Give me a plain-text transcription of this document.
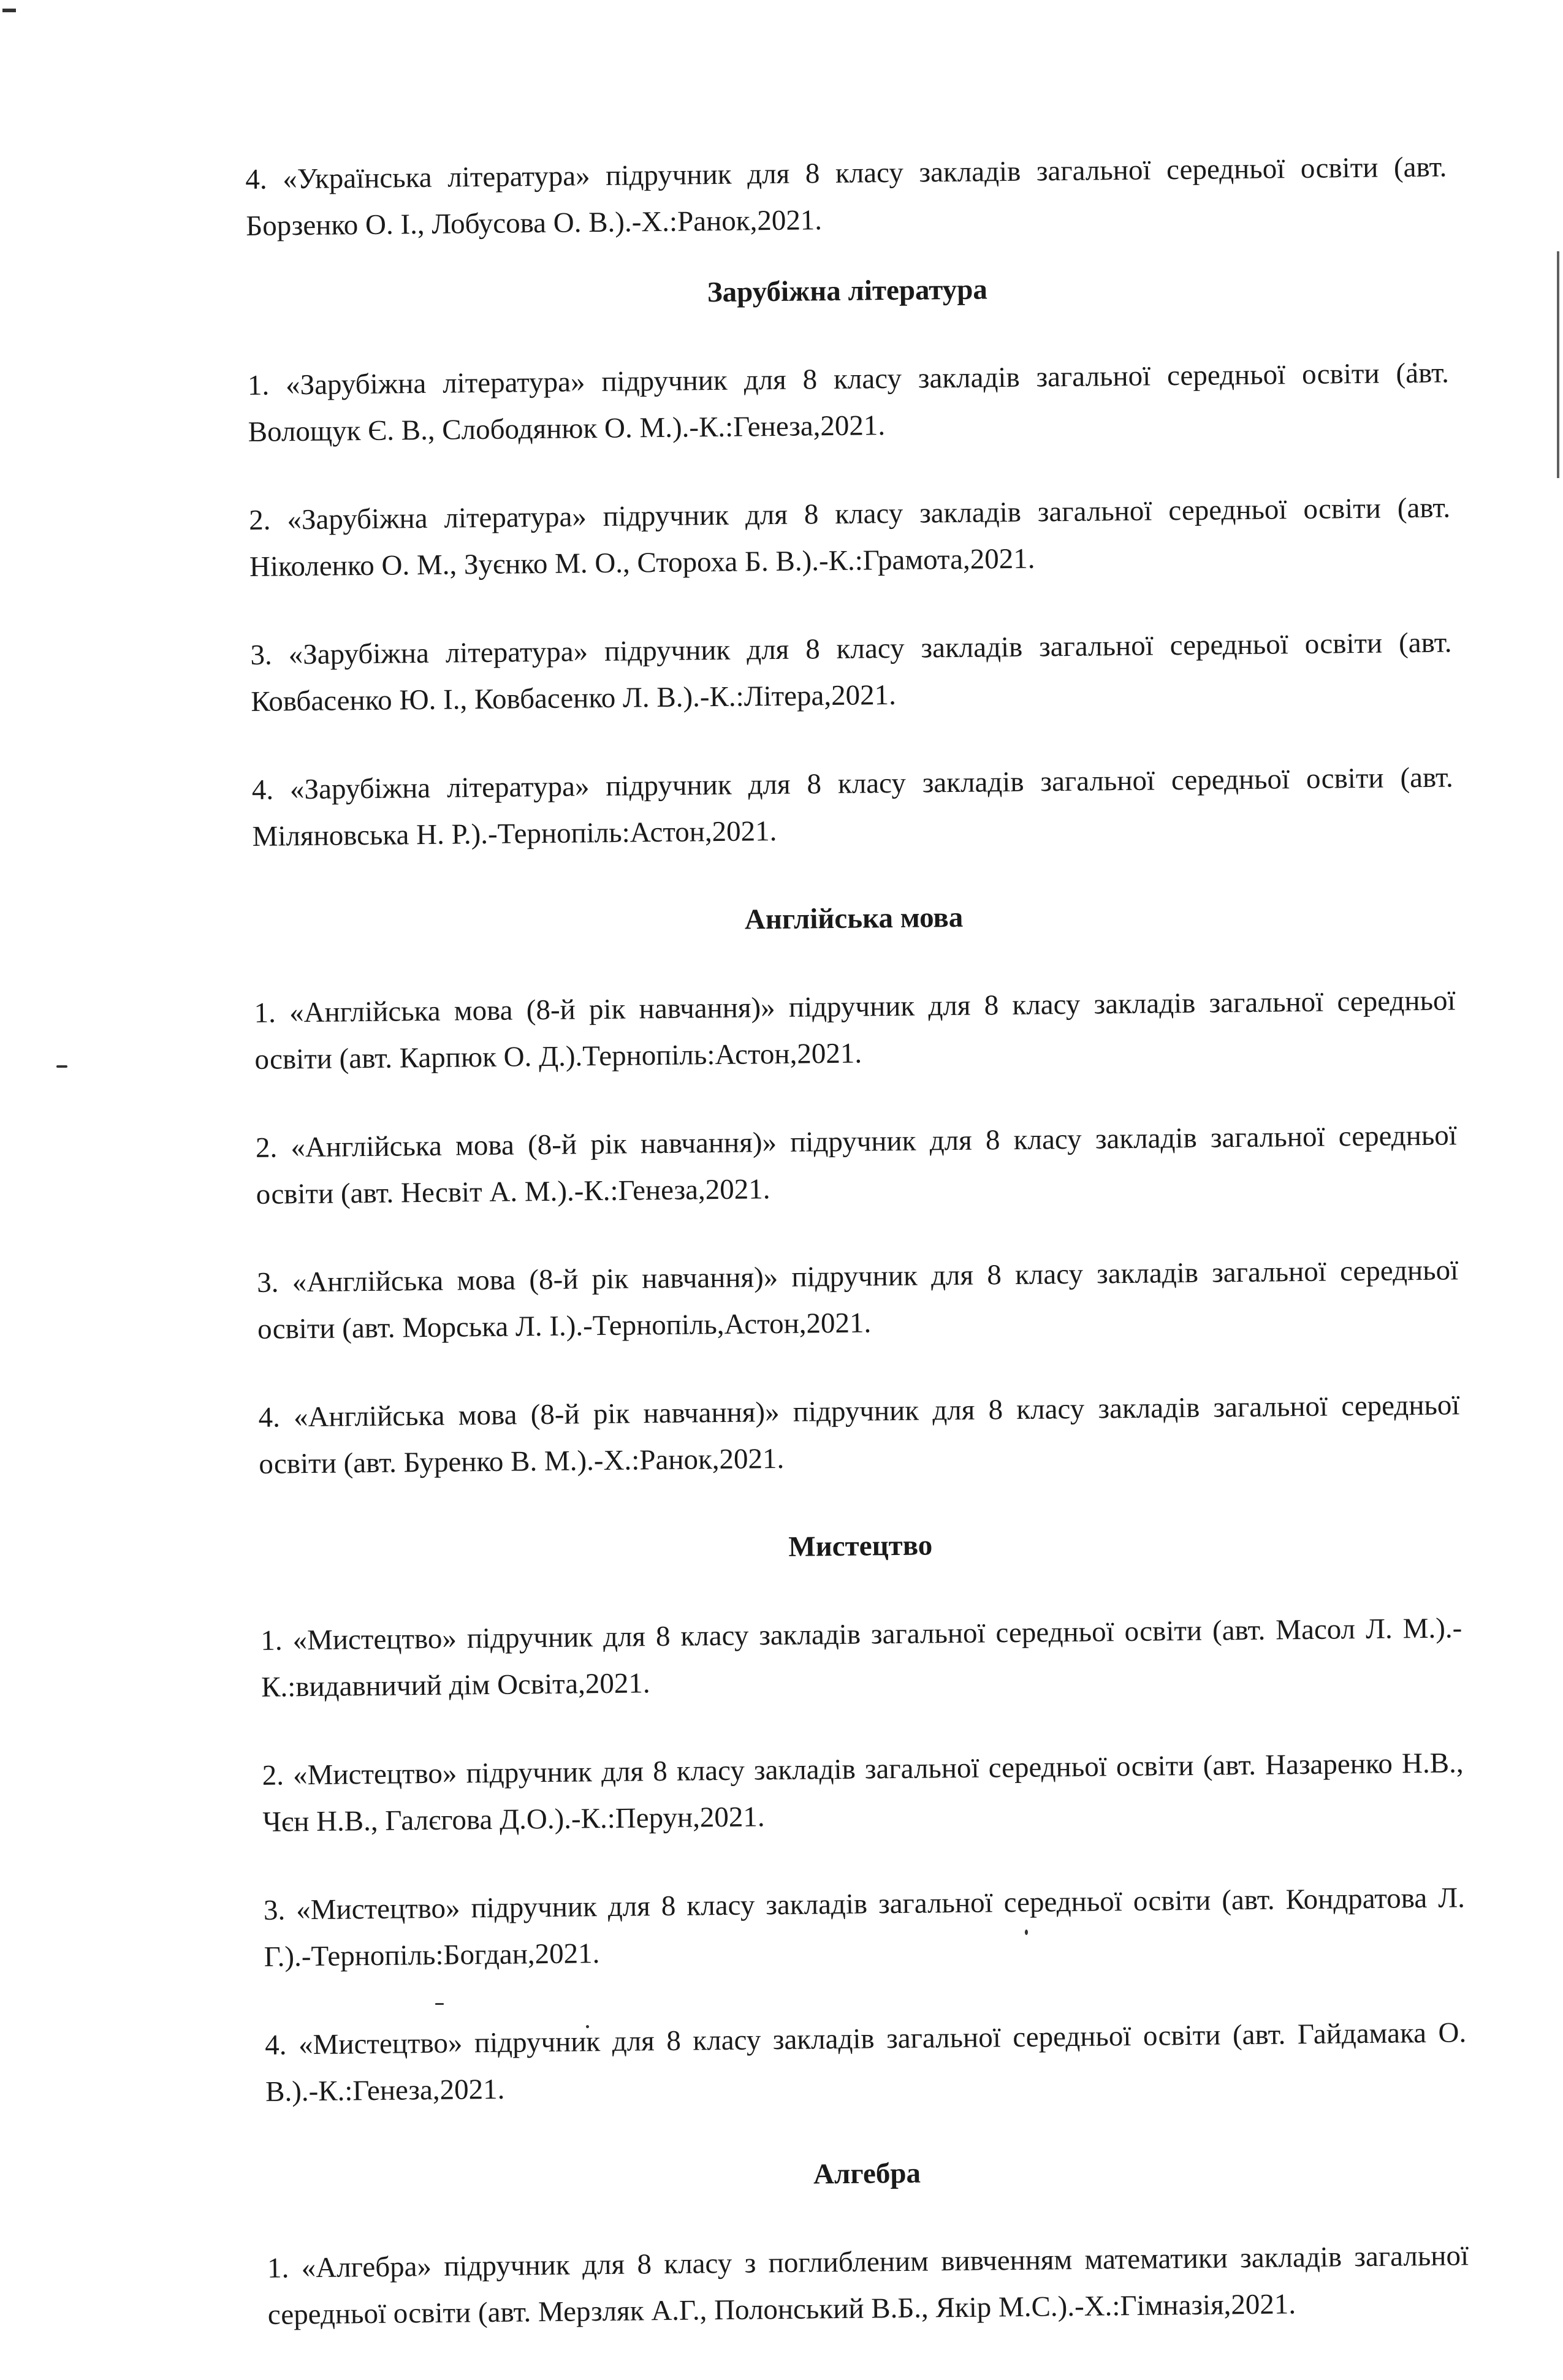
4. «Українська література» підручник для 8 класу закладів загальної середньої освіти (авт. Борзенко О. І., Лобусова О. В.).-Х.:Ранок,2021.

Зарубіжна література

1. «Зарубіжна література» підручник для 8 класу закладів загальної середньої освіти (авт. Волощук Є. В., Слободянюк О. М.).-К.:Генеза,2021.

2. «Зарубіжна література» підручник для 8 класу закладів загальної середньої освіти (авт. Ніколенко О. М., Зуєнко М. О., Стороха Б. В.).-К.:Грамота,2021.

3. «Зарубіжна література» підручник для 8 класу закладів загальної середньої освіти (авт. Ковбасенко Ю. І., Ковбасенко Л. В.).-К.:Літера,2021.

4. «Зарубіжна література» підручник для 8 класу закладів загальної середньої освіти (авт. Міляновська Н. Р.).-Тернопіль:Астон,2021.

Англійська мова

1. «Англійська мова (8-й рік навчання)» підручник для 8 класу закладів загальної середньої освіти (авт. Карпюк О. Д.).Тернопіль:Астон,2021.

2. «Англійська мова (8-й рік навчання)» підручник для 8 класу закладів загальної середньої освіти (авт. Несвіт А. М.).-К.:Генеза,2021.

3. «Англійська мова (8-й рік навчання)» підручник для 8 класу закладів загальної середньої освіти (авт. Морська Л. І.).-Тернопіль,Астон,2021.

4. «Англійська мова (8-й рік навчання)» підручник для 8 класу закладів загальної середньої освіти (авт. Буренко В. М.).-Х.:Ранок,2021.

Мистецтво

1. «Мистецтво» підручник для 8 класу закладів загальної середньої освіти (авт. Масол Л. М.).- К.:видавничий дім Освіта,2021.

2. «Мистецтво» підручник для 8 класу закладів загальної середньої освіти (авт. Назаренко Н.В., Чєн Н.В., Галєгова Д.О.).-К.:Перун,2021.

3. «Мистецтво» підручник для 8 класу закладів загальної середньої освіти (авт. Кондратова Л. Г.).-Тернопіль:Богдан,2021.

4. «Мистецтво» підручник для 8 класу закладів загальної середньої освіти (авт. Гайдамака О. В.).-К.:Генеза,2021.

Алгебра

1. «Алгебра» підручник для 8 класу з поглибленим вивченням математики закладів загальної середньої освіти (авт. Мерзляк А.Г., Полонський В.Б., Якір М.С.).-Х.:Гімназія,2021.
